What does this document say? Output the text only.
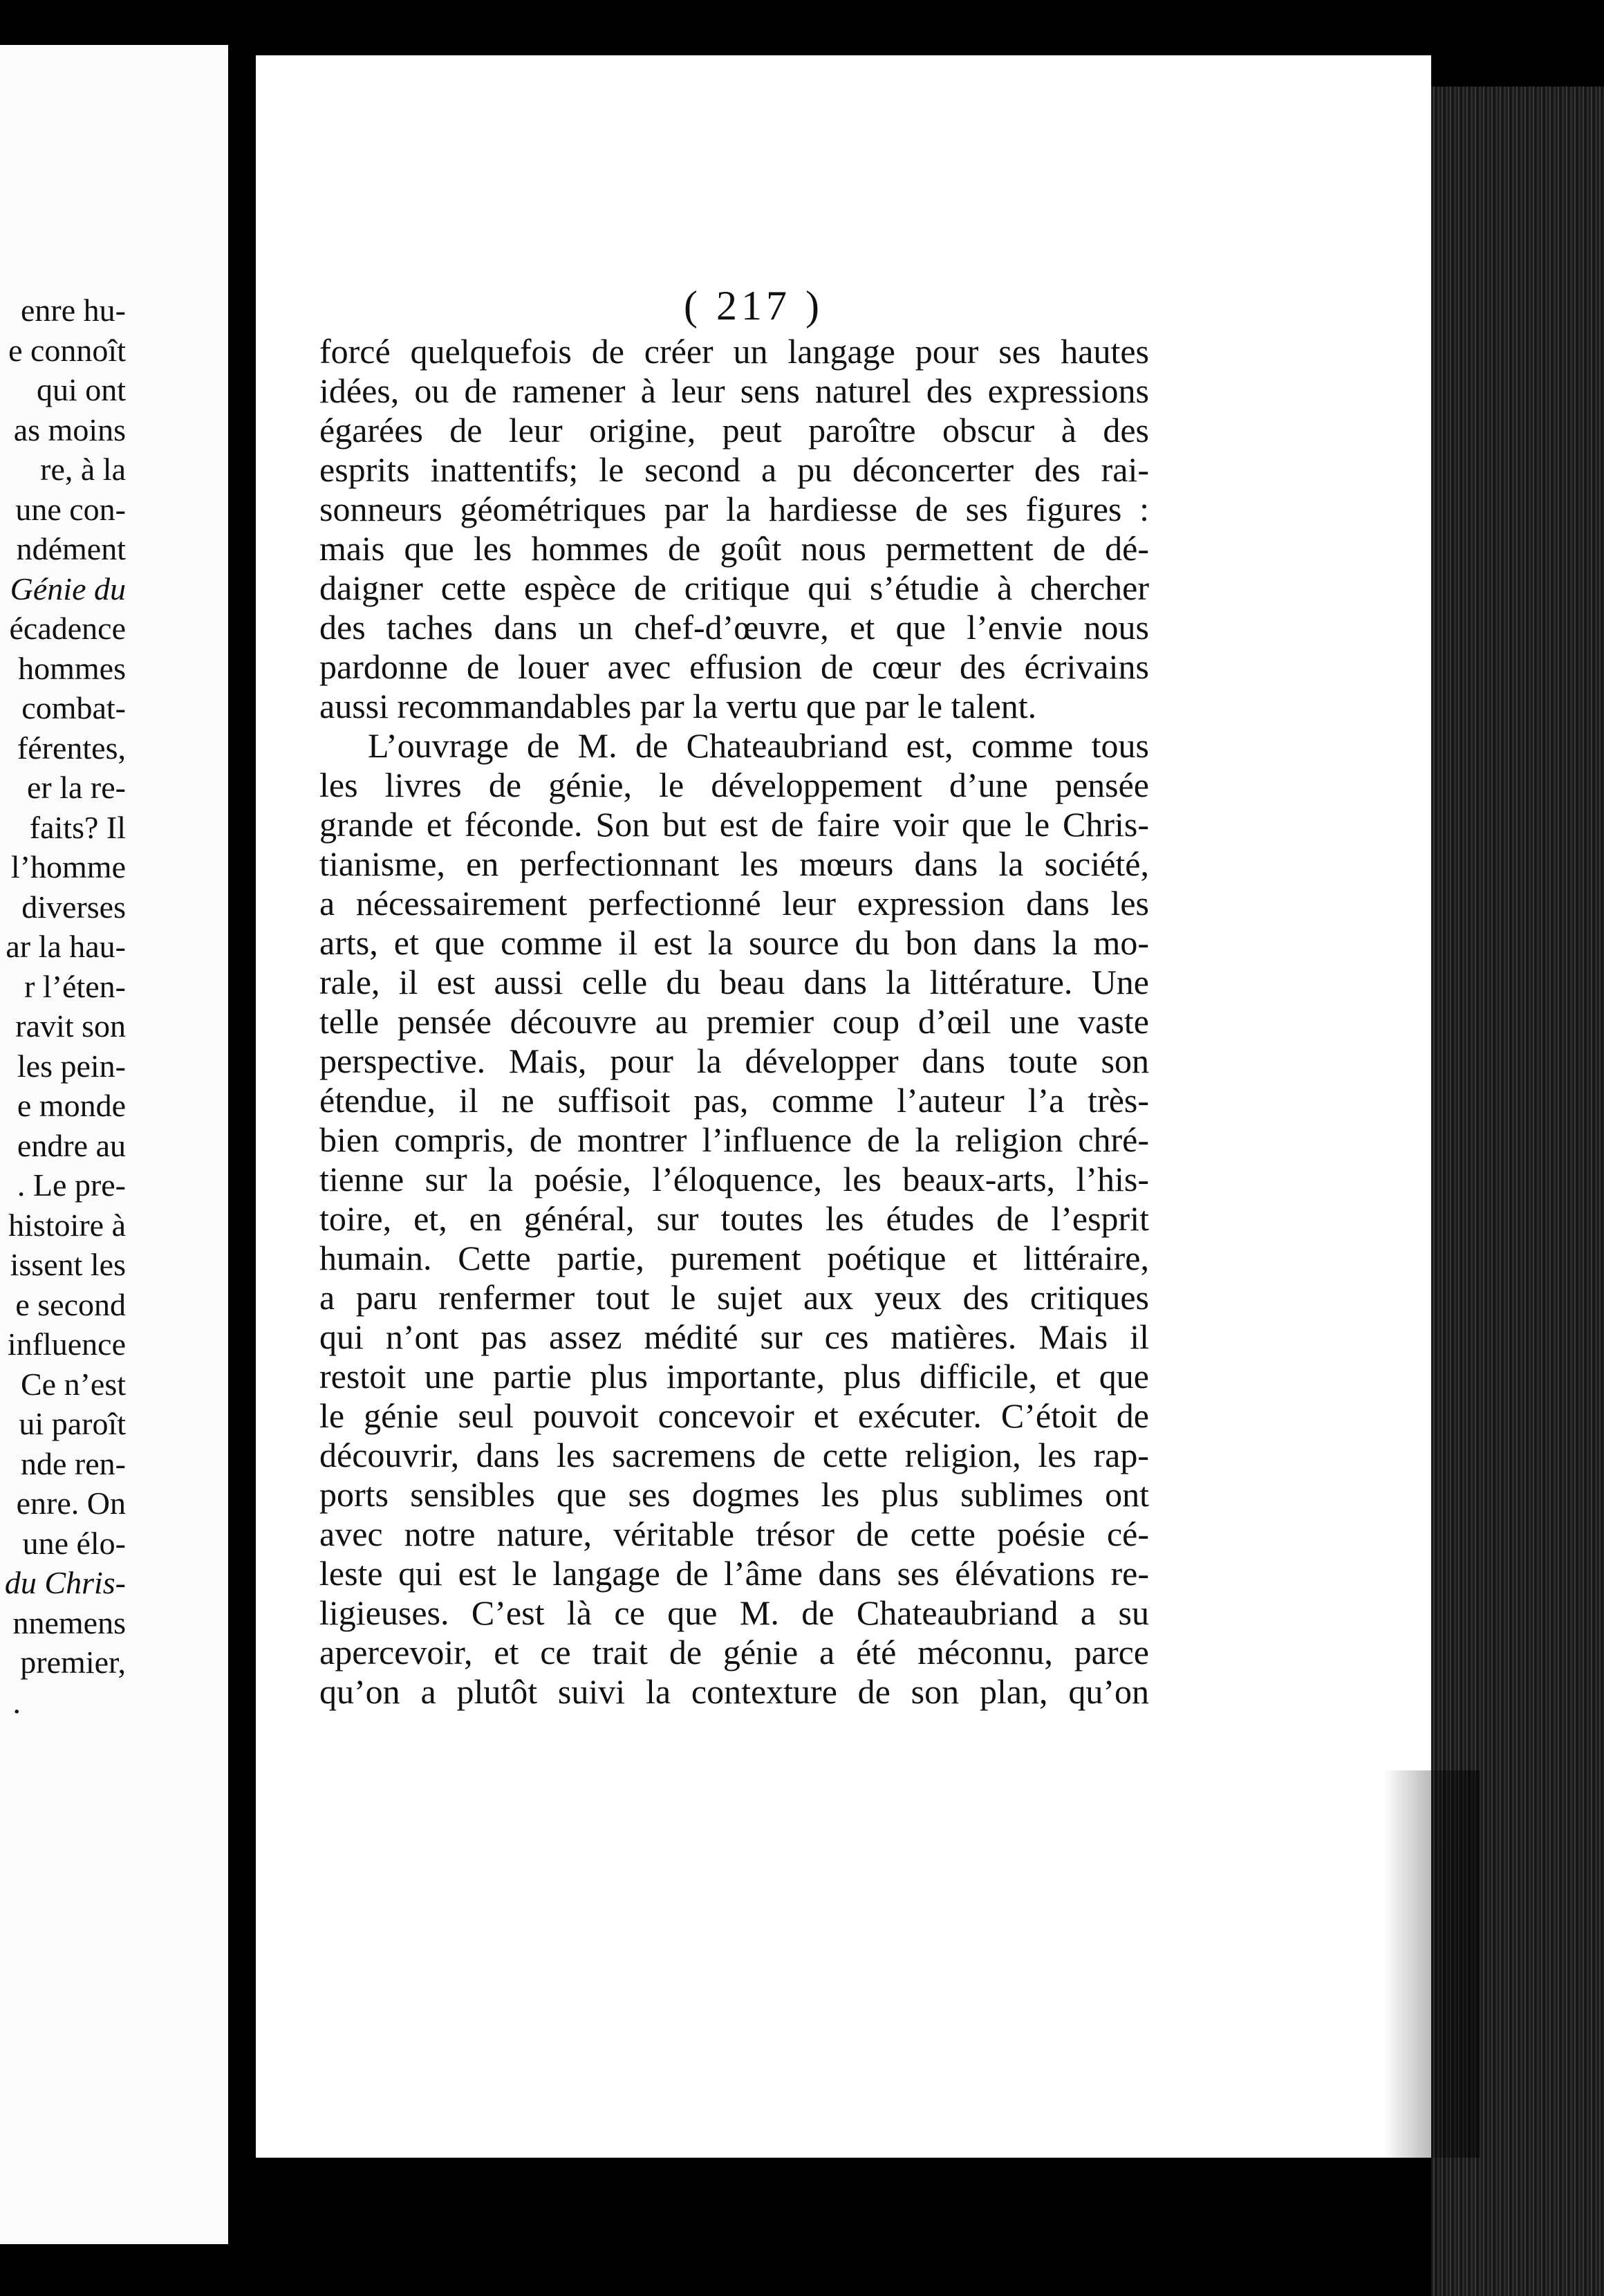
enre hu-
e connoît
qui ont
as moins
re, à la
une con-
ndément
Génie du
écadence
hommes
combat-
férentes,
er la re-
faits? Il
l’homme
diverses
ar la hau-
r l’éten-
ravit son
les pein-
e monde
endre au
. Le pre-
histoire à
issent les
e second
influence
Ce n’est
ui paroît
nde ren-
enre. On
une élo-
du Chris-
nnemens
premier,
.
( 217 )
forcé quelquefois de créer un langage pour ses hautes
idées, ou de ramener à leur sens naturel des expressions
égarées de leur origine, peut paroître obscur à des
esprits inattentifs; le second a pu déconcerter des rai-
sonneurs géométriques par la hardiesse de ses figures :
mais que les hommes de goût nous permettent de dé-
daigner cette espèce de critique qui s’étudie à chercher
des taches dans un chef-d’œuvre, et que l’envie nous
pardonne de louer avec effusion de cœur des écrivains
aussi recommandables par la vertu que par le talent.
L’ouvrage de M. de Chateaubriand est, comme tous
les livres de génie, le développement d’une pensée
grande et féconde. Son but est de faire voir que le Chris-
tianisme, en perfectionnant les mœurs dans la société,
a nécessairement perfectionné leur expression dans les
arts, et que comme il est la source du bon dans la mo-
rale, il est aussi celle du beau dans la littérature. Une
telle pensée découvre au premier coup d’œil une vaste
perspective. Mais, pour la développer dans toute son
étendue, il ne suffisoit pas, comme l’auteur l’a très-
bien compris, de montrer l’influence de la religion chré-
tienne sur la poésie, l’éloquence, les beaux-arts, l’his-
toire, et, en général, sur toutes les études de l’esprit
humain. Cette partie, purement poétique et littéraire,
a paru renfermer tout le sujet aux yeux des critiques
qui n’ont pas assez médité sur ces matières. Mais il
restoit une partie plus importante, plus difficile, et que
le génie seul pouvoit concevoir et exécuter. C’étoit de
découvrir, dans les sacremens de cette religion, les rap-
ports sensibles que ses dogmes les plus sublimes ont
avec notre nature, véritable trésor de cette poésie cé-
leste qui est le langage de l’âme dans ses élévations re-
ligieuses. C’est là ce que M. de Chateaubriand a su
apercevoir, et ce trait de génie a été méconnu, parce
qu’on a plutôt suivi la contexture de son plan, qu’on
